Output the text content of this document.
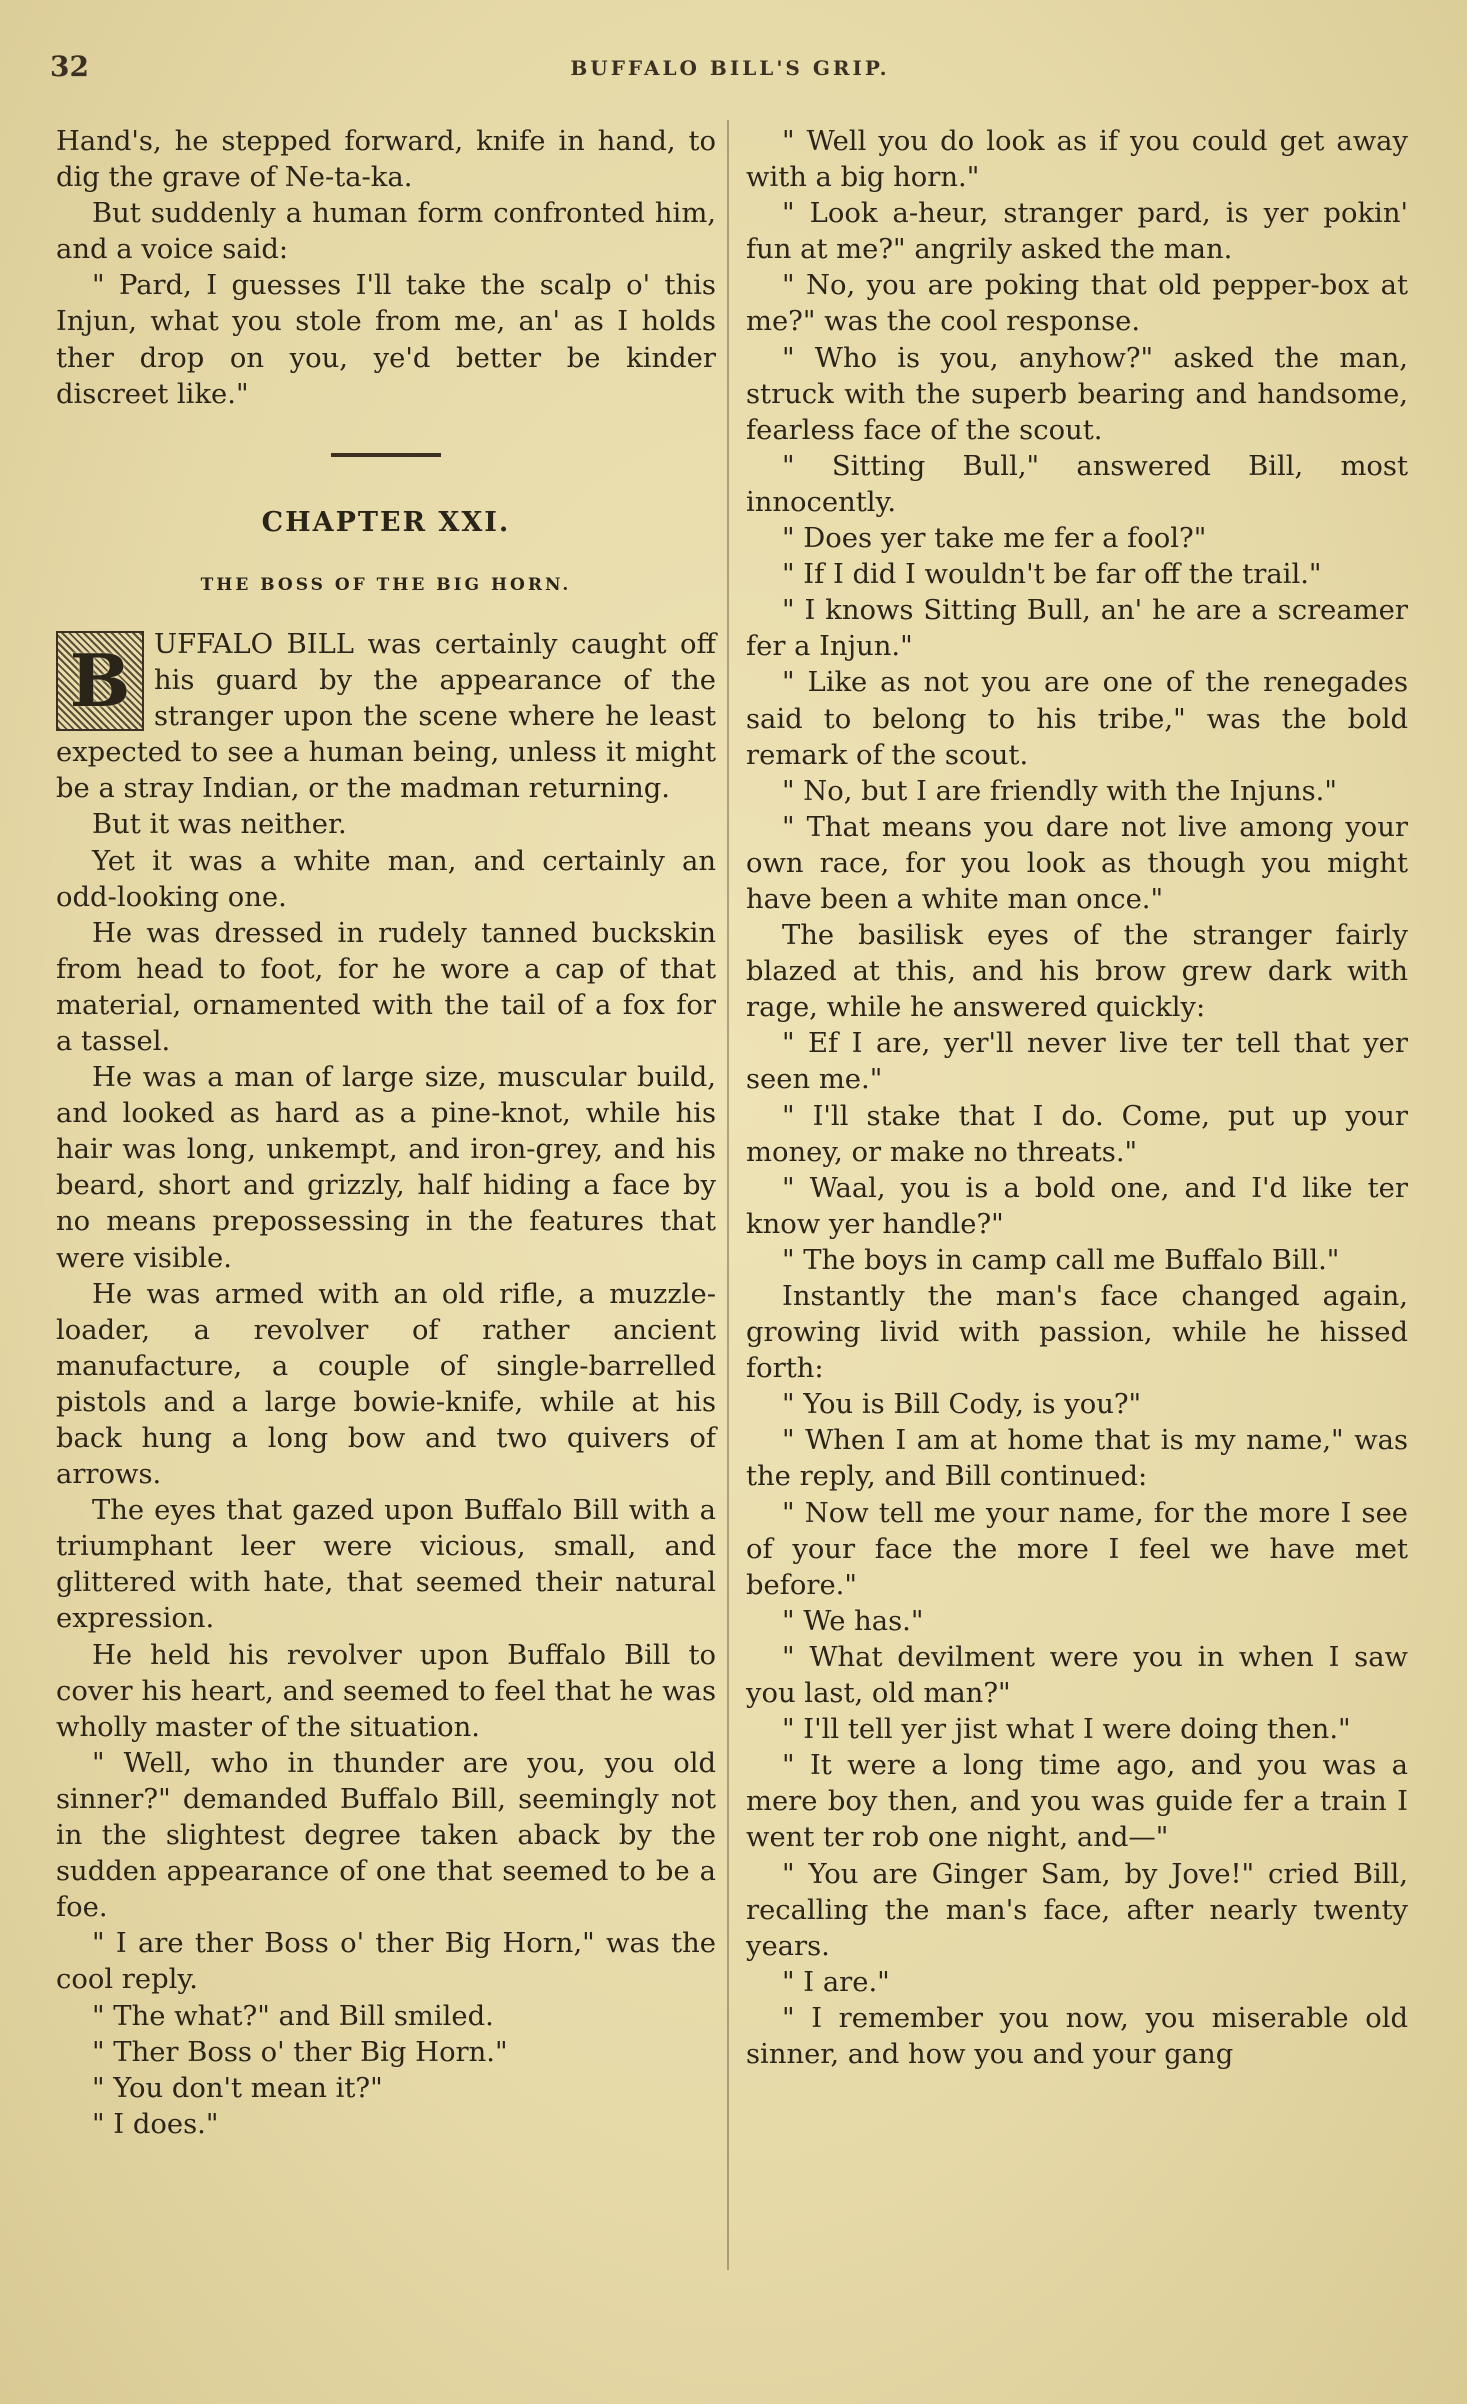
32	BUFFALO BILL'S GRIP.

Hand's, he stepped forward, knife in hand, to dig the grave of Ne-ta-ka.

But suddenly a human form confronted him, and a voice said:

" Pard, I guesses I'll take the scalp o' this Injun, what you stole from me, an' as I holds ther drop on you, ye'd better be kinder discreet like."

CHAPTER XXI.
THE BOSS OF THE BIG HORN.
B UFFALO BILL was certainly caught off his guard by the appearance of the stranger upon the scene where he least expected to see a human being, unless it might be a stray Indian, or the madman returning.

But it was neither.

Yet it was a white man, and certainly an odd-looking one.

He was dressed in rudely tanned buckskin from head to foot, for he wore a cap of that material, ornamented with the tail of a fox for a tassel.

He was a man of large size, muscular build, and looked as hard as a pine-knot, while his hair was long, unkempt, and iron-grey, and his beard, short and grizzly, half hiding a face by no means prepossessing in the features that were visible.

He was armed with an old rifle, a muzzle-loader, a revolver of rather ancient manufacture, a couple of single-barrelled pistols and a large bowie-knife, while at his back hung a long bow and two quivers of arrows.

The eyes that gazed upon Buffalo Bill with a triumphant leer were vicious, small, and glittered with hate, that seemed their natural expression.

He held his revolver upon Buffalo Bill to cover his heart, and seemed to feel that he was wholly master of the situation.

" Well, who in thunder are you, you old sinner?" demanded Buffalo Bill, seemingly not in the slightest degree taken aback by the sudden appearance of one that seemed to be a foe.

" I are ther Boss o' ther Big Horn," was the cool reply.

" The what?" and Bill smiled.

" Ther Boss o' ther Big Horn."

" You don't mean it?"

" I does."

" Well you do look as if you could get away with a big horn."

" Look a-heur, stranger pard, is yer pokin' fun at me?" angrily asked the man.

" No, you are poking that old pepper-box at me?" was the cool response.

" Who is you, anyhow?" asked the man, struck with the superb bearing and handsome, fearless face of the scout.

" Sitting Bull," answered Bill, most innocently.

" Does yer take me fer a fool?"

" If I did I wouldn't be far off the trail."

" I knows Sitting Bull, an' he are a screamer fer a Injun."

" Like as not you are one of the renegades said to belong to his tribe," was the bold remark of the scout.

" No, but I are friendly with the Injuns."

" That means you dare not live among your own race, for you look as though you might have been a white man once."

The basilisk eyes of the stranger fairly blazed at this, and his brow grew dark with rage, while he answered quickly:

" Ef I are, yer'll never live ter tell that yer seen me."

" I'll stake that I do. Come, put up your money, or make no threats."

" Waal, you is a bold one, and I'd like ter know yer handle?"

" The boys in camp call me Buffalo Bill."

Instantly the man's face changed again, growing livid with passion, while he hissed forth:

" You is Bill Cody, is you?"

" When I am at home that is my name," was the reply, and Bill continued:

" Now tell me your name, for the more I see of your face the more I feel we have met before."

" We has."

" What devilment were you in when I saw you last, old man?"

" I'll tell yer jist what I were doing then."

" It were a long time ago, and you was a mere boy then, and you was guide fer a train I went ter rob one night, and—"

" You are Ginger Sam, by Jove!" cried Bill, recalling the man's face, after nearly twenty years.

" I are."

" I remember you now, you miserable old sinner, and how you and your gang
